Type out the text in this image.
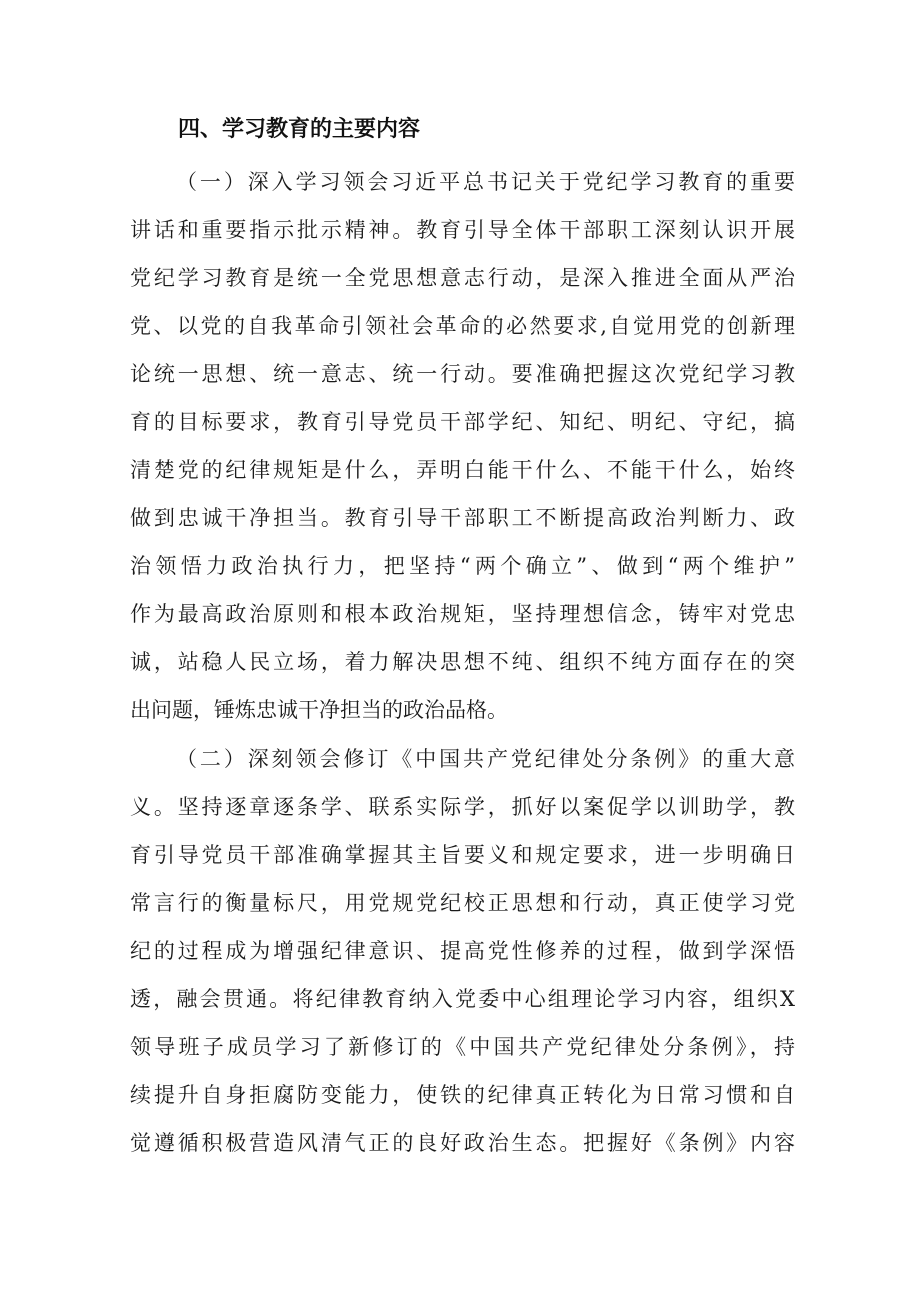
四、学习教育的主要内容
（一）深入学习领会习近平总书记关于党纪学习教育的重要
讲话和重要指示批示精神。教育引导全体干部职工深刻认识开展
党纪学习教育是统一全党思想意志行动，是深入推进全面从严治
党、以党的自我革命引领社会革命的必然要求,自觉用党的创新理
论统一思想、统一意志、统一行动。要准确把握这次党纪学习教
育的目标要求，教育引导党员干部学纪、知纪、明纪、守纪，搞
清楚党的纪律规矩是什么，弄明白能干什么、不能干什么，始终
做到忠诚干净担当。教育引导干部职工不断提高政治判断力、政
治领悟力政治执行力，把坚持“两个确立”、做到“两个维护”
作为最高政治原则和根本政治规矩，坚持理想信念，铸牢对党忠
诚，站稳人民立场，着力解决思想不纯、组织不纯方面存在的突
出问题，锤炼忠诚干净担当的政治品格。
（二）深刻领会修订《中国共产党纪律处分条例》的重大意
义。坚持逐章逐条学、联系实际学，抓好以案促学以训助学，教
育引导党员干部准确掌握其主旨要义和规定要求，进一步明确日
常言行的衡量标尺，用党规党纪校正思想和行动，真正使学习党
纪的过程成为增强纪律意识、提高党性修养的过程，做到学深悟
透，融会贯通。将纪律教育纳入党委中心组理论学习内容，组织X
领导班子成员学习了新修订的《中国共产党纪律处分条例》，持
续提升自身拒腐防变能力，使铁的纪律真正转化为日常习惯和自
觉遵循积极营造风清气正的良好政治生态。把握好《条例》内容
